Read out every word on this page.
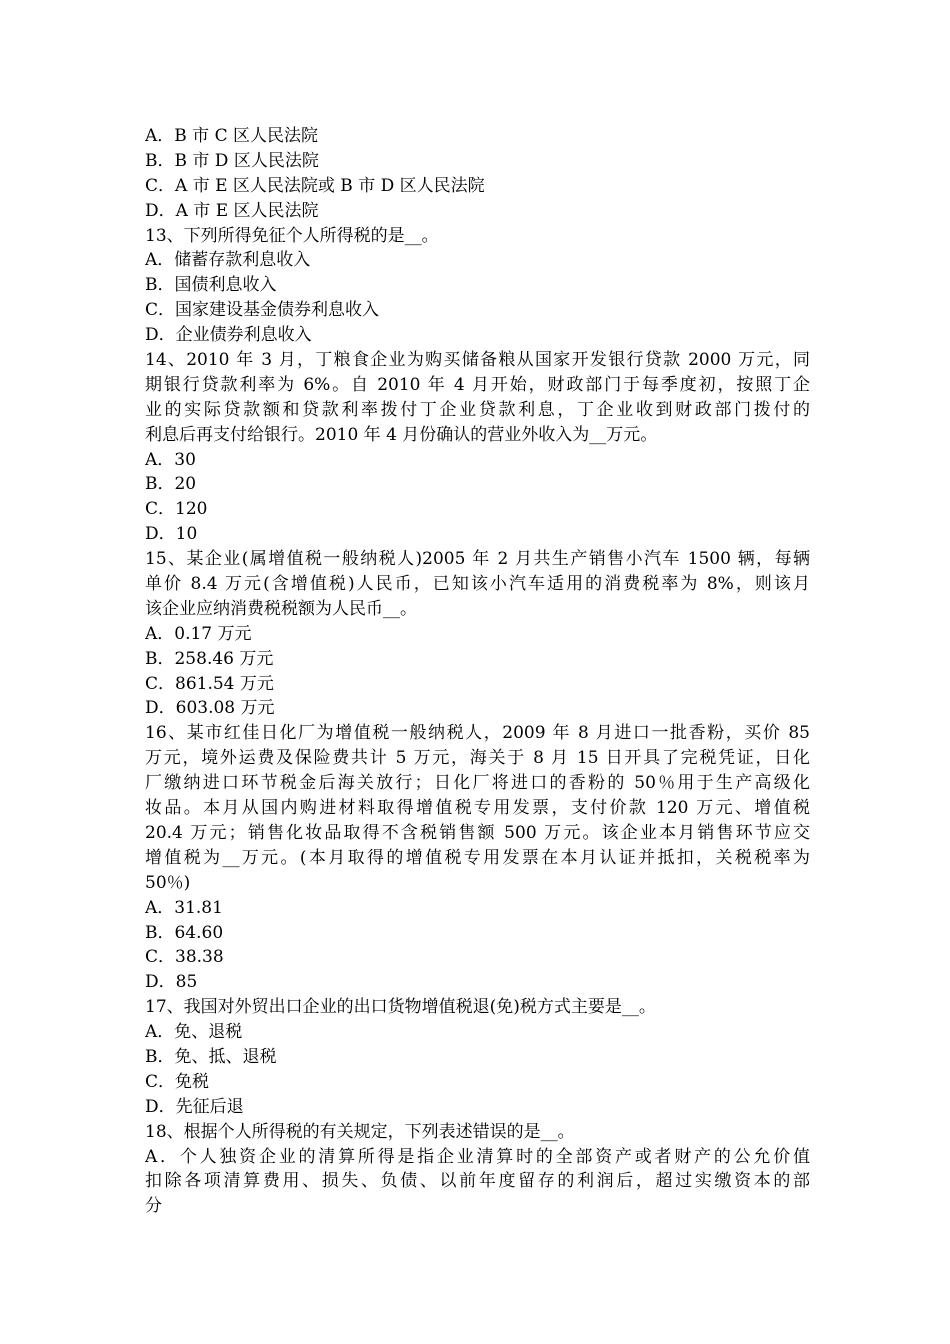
A．B 市 C 区人民法院
B．B 市 D 区人民法院
C．A 市 E 区人民法院或 B 市 D 区人民法院
D．A 市 E 区人民法院
13、下列所得免征个人所得税的是__。
A．储蓄存款利息收入
B．国债利息收入
C．国家建设基金债券利息收入
D．企业债券利息收入
14、2010 年 3 月，丁粮食企业为购买储备粮从国家开发银行贷款 2000 万元，同
期银行贷款利率为 6%。自 2010 年 4 月开始，财政部门于每季度初，按照丁企
业的实际贷款额和贷款利率拨付丁企业贷款利息，丁企业收到财政部门拨付的
利息后再支付给银行。2010 年 4 月份确认的营业外收入为__万元。
A．30
B．20
C．120
D．10
15、某企业(属增值税一般纳税人)2005 年 2 月共生产销售小汽车 1500 辆，每辆
单价 8.4 万元(含增值税)人民币，已知该小汽车适用的消费税率为 8%，则该月
该企业应纳消费税税额为人民币__。
A．0.17 万元
B．258.46 万元
C．861.54 万元
D．603.08 万元
16、某市红佳日化厂为增值税一般纳税人，2009 年 8 月进口一批香粉，买价 85
万元，境外运费及保险费共计 5 万元，海关于 8 月 15 日开具了完税凭证，日化
厂缴纳进口环节税金后海关放行；日化厂将进口的香粉的 50％用于生产高级化
妆品。本月从国内购进材料取得增值税专用发票，支付价款 120 万元、增值税
20.4 万元；销售化妆品取得不含税销售额 500 万元。该企业本月销售环节应交
增值税为__万元。(本月取得的增值税专用发票在本月认证并抵扣，关税税率为
50％)
A．31.81
B．64.60
C．38.38
D．85
17、我国对外贸出口企业的出口货物增值税退(免)税方式主要是__。
A．免、退税
B．免、抵、退税
C．免税
D．先征后退
18、根据个人所得税的有关规定，下列表述错误的是__。
A．个人独资企业的清算所得是指企业清算时的全部资产或者财产的公允价值
扣除各项清算费用、损失、负债、以前年度留存的利润后，超过实缴资本的部
分
